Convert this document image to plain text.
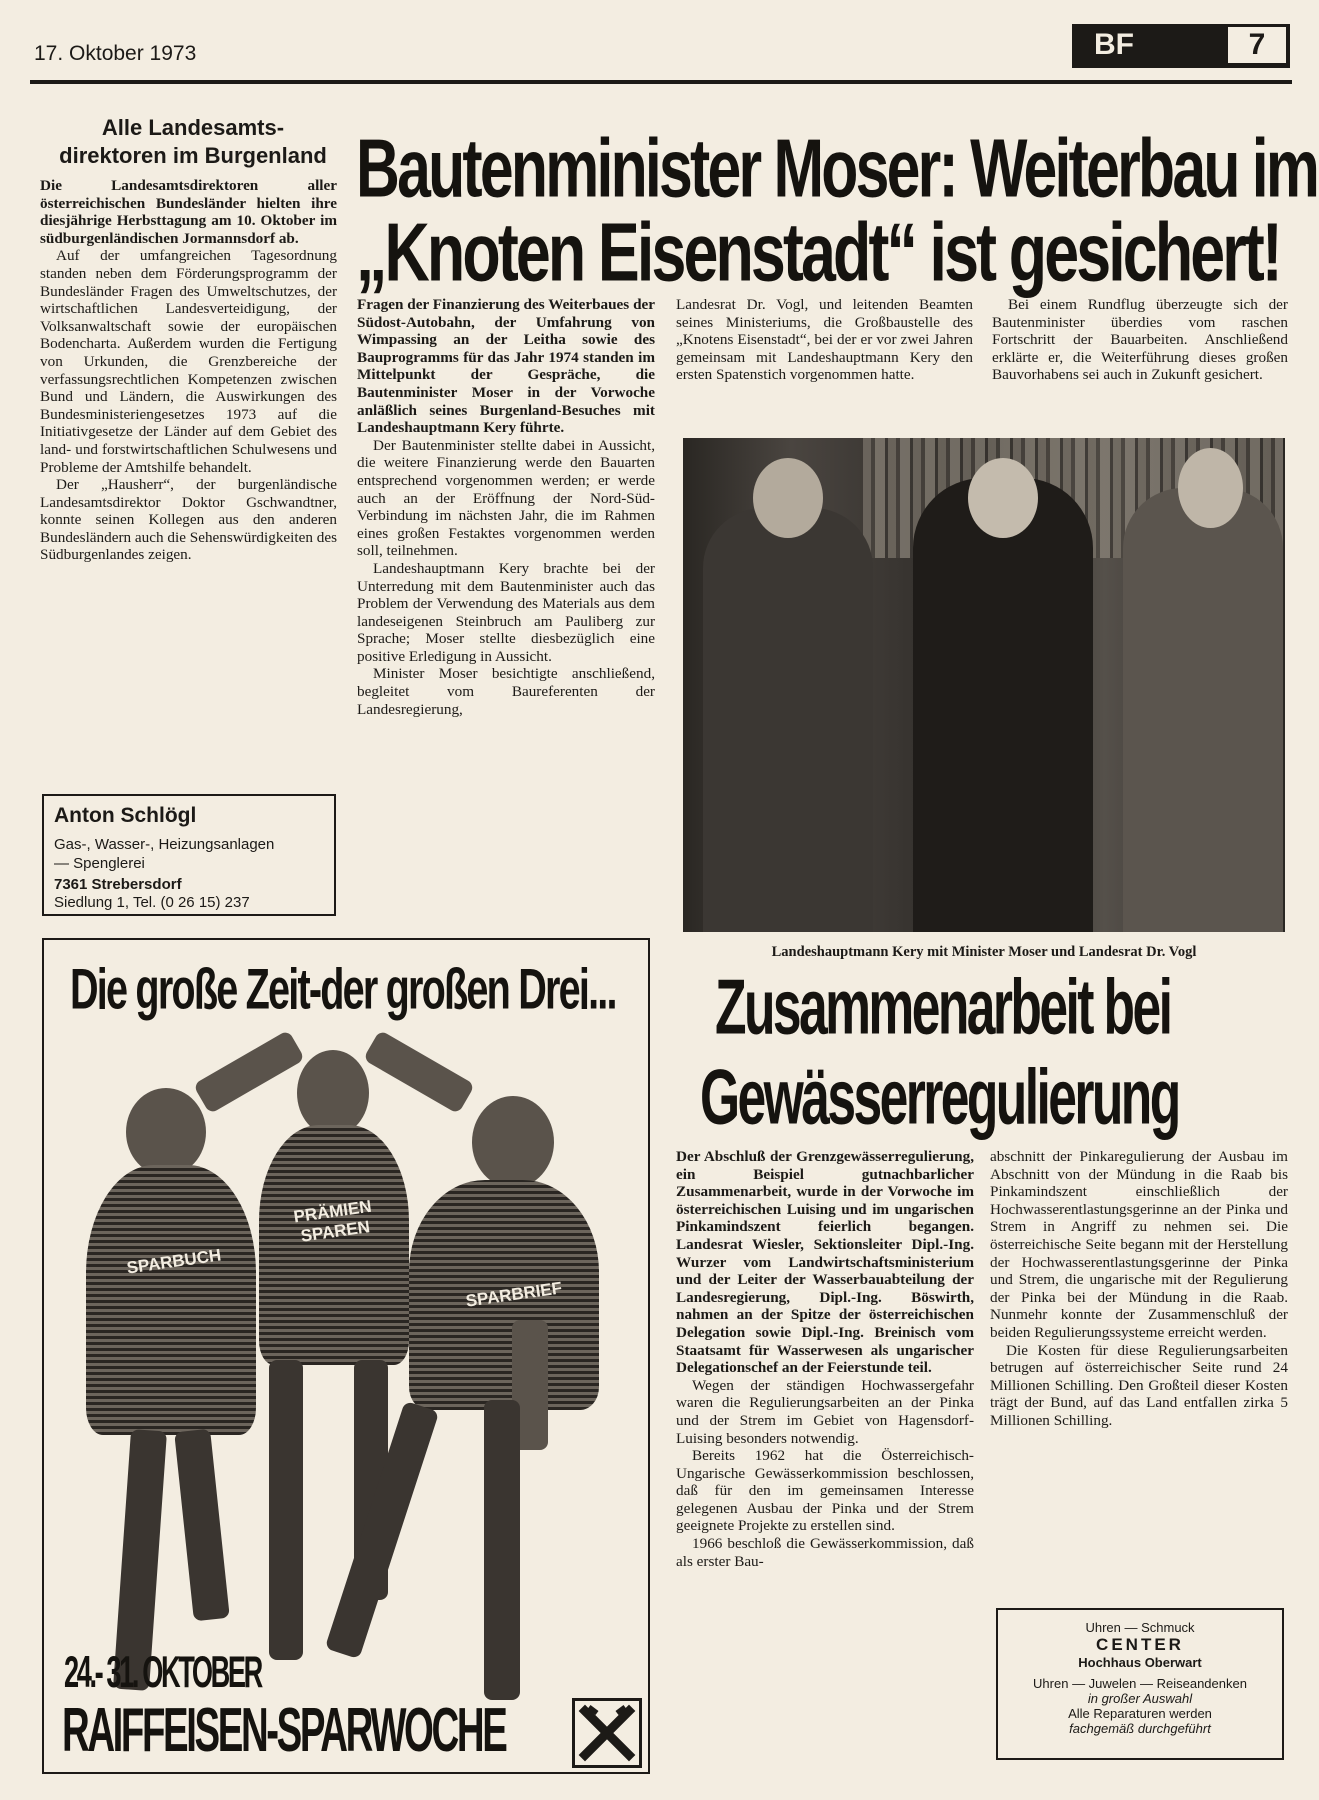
17. Oktober 1973	BF	7
Alle Landesamts-
direktoren im Burgenland

Die Landesamtsdirektoren aller österreichischen Bundesländer hielten ihre diesjährige Herbsttagung am 10. Oktober im südburgenländischen Jormannsdorf ab.

Auf der umfangreichen Tagesordnung standen neben dem Förderungsprogramm der Bundesländer Fragen des Umweltschutzes, der wirtschaftlichen Landesverteidigung, der Volksanwaltschaft sowie der europäischen Bodencharta. Außerdem wurden die Fertigung von Urkunden, die Grenzbereiche der verfassungsrechtlichen Kompetenzen zwischen Bund und Ländern, die Auswirkungen des Bundesministeriengesetzes 1973 auf die Initiativgesetze der Länder auf dem Gebiet des land- und forstwirtschaftlichen Schulwesens und Probleme der Amtshilfe behandelt.

Der „Hausherr“, der burgenländische Landesamtsdirektor Doktor Gschwandtner, konnte seinen Kollegen aus den anderen Bundesländern auch die Sehenswürdigkeiten des Südburgenlandes zeigen.

Anton Schlögl
Gas-, Wasser-, Heizungsanlagen
— Spenglerei
7361 Strebersdorf
Siedlung 1, Tel. (0 26 15) 237
Bautenminister Moser: Weiterbau im
„Knoten Eisenstadt“ ist gesichert!

Fragen der Finanzierung des Weiterbaues der Südost-Autobahn, der Umfahrung von Wimpassing an der Leitha sowie des Bauprogramms für das Jahr 1974 standen im Mittelpunkt der Gespräche, die Bautenminister Moser in der Vorwoche anläßlich seines Burgenland-Besuches mit Landeshauptmann Kery führte.

Der Bautenminister stellte dabei in Aussicht, die weitere Finanzierung werde den Bauarten entsprechend vorgenommen werden; er werde auch an der Eröffnung der Nord-Süd-Verbindung im nächsten Jahr, die im Rahmen eines großen Festaktes vorgenommen werden soll, teilnehmen.

Landeshauptmann Kery brachte bei der Unterredung mit dem Bautenminister auch das Problem der Verwendung des Materials aus dem landeseigenen Steinbruch am Pauliberg zur Sprache; Moser stellte diesbezüglich eine positive Erledigung in Aussicht.

Minister Moser besichtigte anschließend, begleitet vom Baureferenten der Landesregierung,

Landesrat Dr. Vogl, und leitenden Beamten seines Ministeriums, die Großbaustelle des „Knotens Eisenstadt“, bei der er vor zwei Jahren gemeinsam mit Landeshauptmann Kery den ersten Spatenstich vorgenommen hatte.

Bei einem Rundflug überzeugte sich der Bautenminister überdies vom raschen Fortschritt der Bauarbeiten. Anschließend erklärte er, die Weiterführung dieses großen Bauvorhabens sei auch in Zukunft gesichert.

Landeshauptmann Kery mit Minister Moser und Landesrat Dr. Vogl
Die große Zeit-der großen Drei...
SPARBUCH
PRÄMIEN SPAREN
SPARBRIEF
24.- 31. OKTOBER
RAIFFEISEN-SPARWOCHE
Zusammenarbeit bei
Gewässerregulierung

Der Abschluß der Grenzgewässerregulierung, ein Beispiel gutnachbarlicher Zusammenarbeit, wurde in der Vorwoche im österreichischen Luising und im ungarischen Pinkamindszent feierlich begangen. Landesrat Wiesler, Sektionsleiter Dipl.-Ing. Wurzer vom Landwirtschaftsministerium und der Leiter der Wasserbauabteilung der Landesregierung, Dipl.-Ing. Böswirth, nahmen an der Spitze der österreichischen Delegation sowie Dipl.-Ing. Breinisch vom Staatsamt für Wasserwesen als ungarischer Delegationschef an der Feierstunde teil.

Wegen der ständigen Hochwassergefahr waren die Regulierungsarbeiten an der Pinka und der Strem im Gebiet von Hagensdorf-Luising besonders notwendig.

Bereits 1962 hat die Österreichisch-Ungarische Gewässerkommission beschlossen, daß für den im gemeinsamen Interesse gelegenen Ausbau der Pinka und der Strem geeignete Projekte zu erstellen sind.

1966 beschloß die Gewässerkommission, daß als erster Bau-

abschnitt der Pinkaregulierung der Ausbau im Abschnitt von der Mündung in die Raab bis Pinkamindszent einschließlich der Hochwasserentlastungsgerinne an der Pinka und Strem in Angriff zu nehmen sei. Die österreichische Seite begann mit der Herstellung der Hochwasserentlastungsgerinne der Pinka und Strem, die ungarische mit der Regulierung der Pinka bei der Mündung in die Raab. Nunmehr konnte der Zusammenschluß der beiden Regulierungssysteme erreicht werden.

Die Kosten für diese Regulierungsarbeiten betrugen auf österreichischer Seite rund 24 Millionen Schilling. Den Großteil dieser Kosten trägt der Bund, auf das Land entfallen zirka 5 Millionen Schilling.

Uhren — Schmuck
CENTER
Hochhaus Oberwart
Uhren — Juwelen — Reiseandenken
in großer Auswahl
Alle Reparaturen werden
fachgemäß durchgeführt
